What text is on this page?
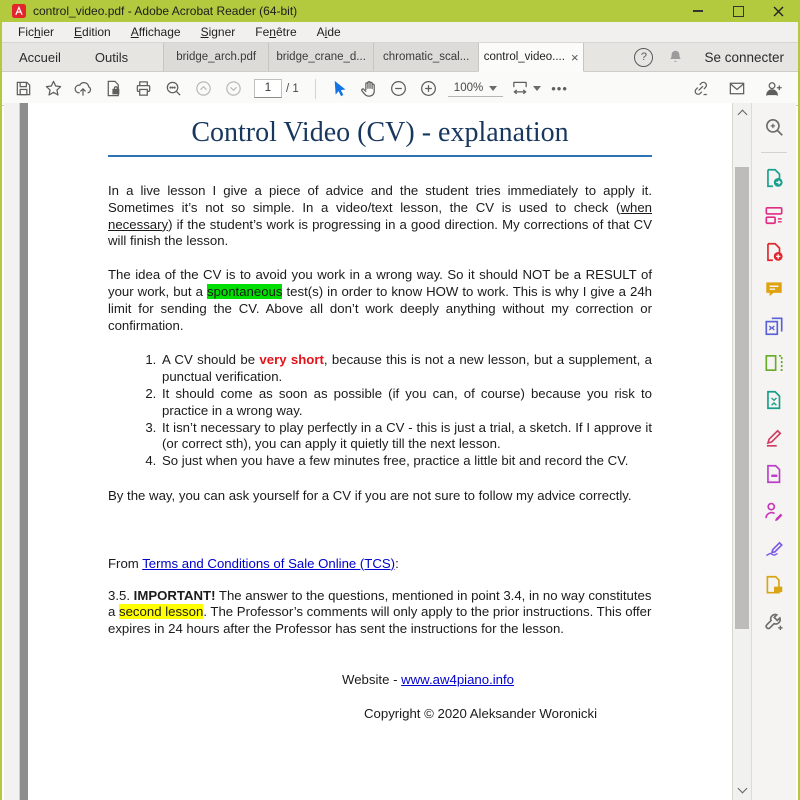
control_video.pdf - Adobe Acrobat Reader (64-bit)
Fichier	Edition	Affichage	Signer	Fenêtre	Aide
Accueil	Outils	bridge_arch.pdf bridge_crane_d... chromatic_scal... control_video.... ×	?	Se connecter
1	/ 1	100%	•••
Control Video (CV) - explanation

In a live lesson I give a piece of advice and the student tries immediately to apply it. Sometimes it’s not so simple. In a video/text lesson, the CV is used to check (when necessary) if the student’s work is progressing in a good direction. My corrections of that CV will finish the lesson.

The idea of the CV is to avoid you work in a wrong way. So it should NOT be a RESULT of your work, but a spontaneous test(s) in order to know HOW to work. This is why I give a 24h limit for sending the CV. Above all don’t work deeply anything without my correction or confirmation.

1. A CV should be very short, because this is not a new lesson, but a supplement, a punctual verification.
2. It should come as soon as possible (if you can, of course) because you risk to practice in a wrong way.
3. It isn’t necessary to play perfectly in a CV - this is just a trial, a sketch. If I approve it (or correct sth), you can apply it quietly till the next lesson.
4. So just when you have a few minutes free, practice a little bit and record the CV.

By the way, you can ask yourself for a CV if you are not sure to follow my advice correctly.

From Terms and Conditions of Sale Online (TCS):

3.5. IMPORTANT! The answer to the questions, mentioned in point 3.4, in no way constitutes a second lesson. The Professor’s comments will only apply to the prior instructions. This offer expires in 24 hours after the Professor has sent the instructions for the lesson.

Website - www.aw4piano.info

Copyright © 2020 Aleksander Woronicki
